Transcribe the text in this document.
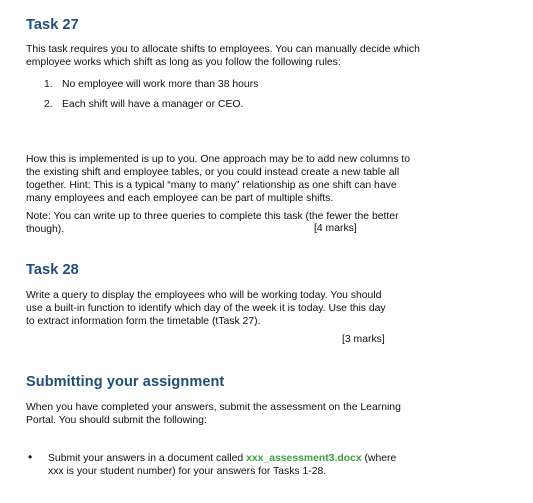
Task 27

This task requires you to allocate shifts to employees. You can manually decide which

employee works which shift as long as you follow the following rules:

1. No employee will work more than 38 hours
2. Each shift will have a manager or CEO.

How this is implemented is up to you. One approach may be to add new columns to

the existing shift and employee tables, or you could instead create a new table all

together. Hint: This is a typical “many to many” relationship as one shift can have

many employees and each employee can be part of multiple shifts.

Note: You can write up to three queries to complete this task (the fewer the better

though).	[4 marks]
Task 28

Write a query to display the employees who will be working today. You should

use a built-in function to identify which day of the week it is today. Use this day

to extract information form the timetable (tTask 27).

[3 marks]
Submitting your assignment

When you have completed your answers, submit the assessment on the Learning

Portal. You should submit the following:

• Submit your answers in a document called xxx_assessment3.docx (where
xxx is your student number) for your answers for Tasks 1-28.
